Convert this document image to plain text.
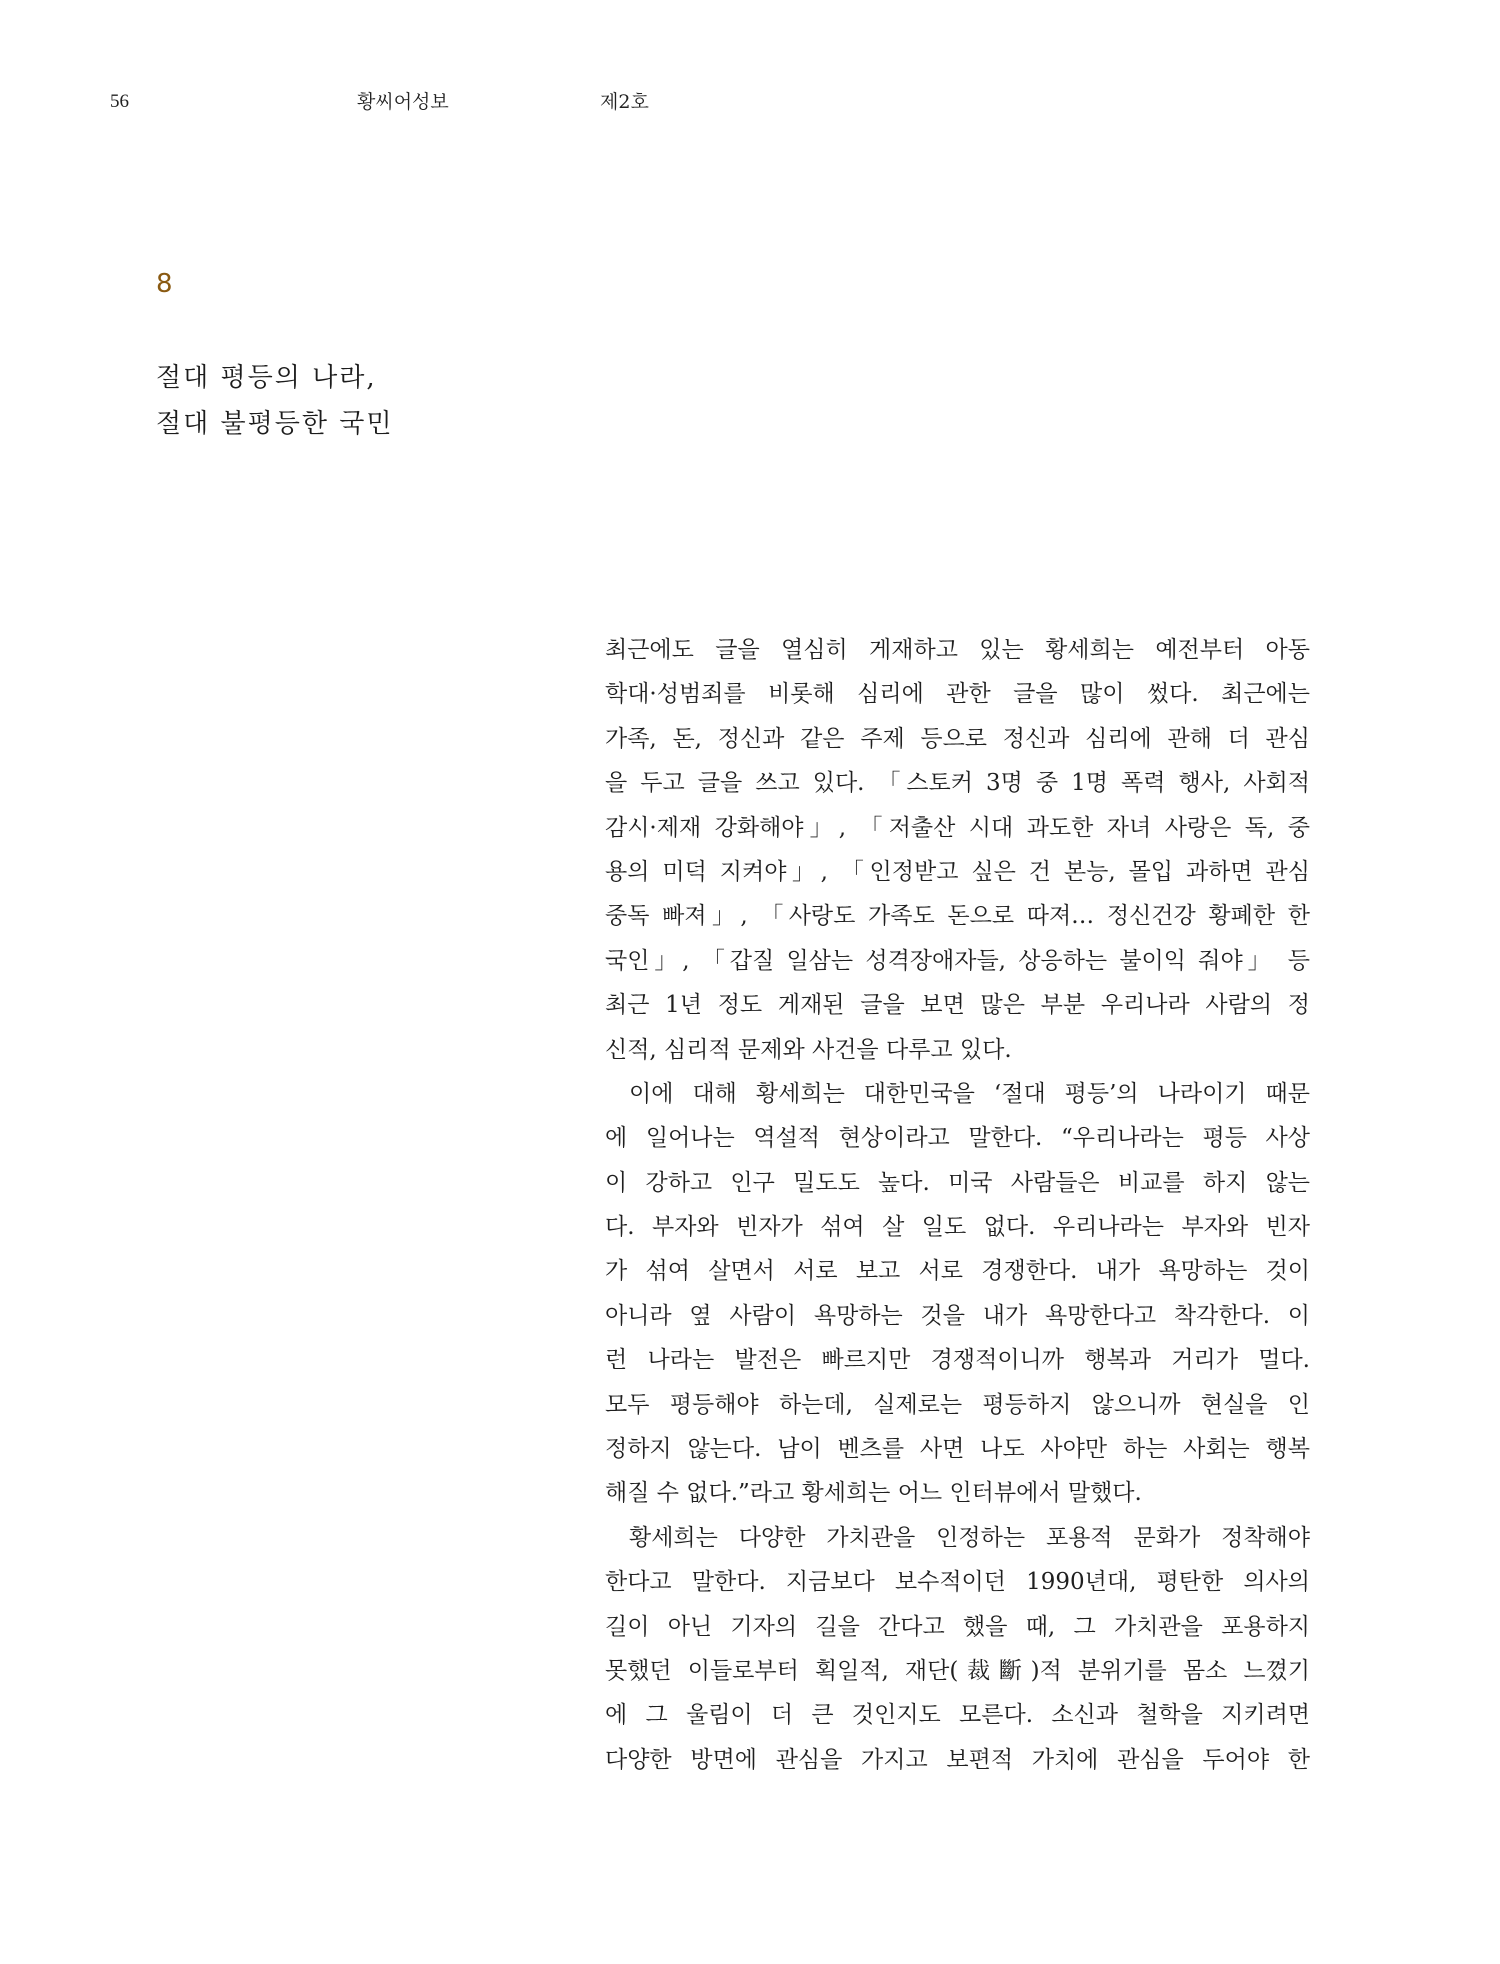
56	황씨어성보	제2호
8
절대 평등의 나라,
절대 불평등한 국민
최근에도 글을 열심히 게재하고 있는 황세희는 예전부터 아동
학대·성범죄를 비롯해 심리에 관한 글을 많이 썼다. 최근에는
가족, 돈, 정신과 같은 주제 등으로 정신과 심리에 관해 더 관심
을 두고 글을 쓰고 있다. 「스토커 3명 중 1명 폭력 행사, 사회적
감시·제재 강화해야」, 「저출산 시대 과도한 자녀 사랑은 독, 중
용의 미덕 지켜야」, 「인정받고 싶은 건 본능, 몰입 과하면 관심
중독 빠져」, 「사랑도 가족도 돈으로 따져… 정신건강 황폐한 한
국인」, 「갑질 일삼는 성격장애자들, 상응하는 불이익 줘야」 등
최근 1년 정도 게재된 글을 보면 많은 부분 우리나라 사람의 정
신적, 심리적 문제와 사건을 다루고 있다.
이에 대해 황세희는 대한민국을 ‘절대 평등’의 나라이기 때문
에 일어나는 역설적 현상이라고 말한다. “우리나라는 평등 사상
이 강하고 인구 밀도도 높다. 미국 사람들은 비교를 하지 않는
다. 부자와 빈자가 섞여 살 일도 없다. 우리나라는 부자와 빈자
가 섞여 살면서 서로 보고 서로 경쟁한다. 내가 욕망하는 것이
아니라 옆 사람이 욕망하는 것을 내가 욕망한다고 착각한다. 이
런 나라는 발전은 빠르지만 경쟁적이니까 행복과 거리가 멀다.
모두 평등해야 하는데, 실제로는 평등하지 않으니까 현실을 인
정하지 않는다. 남이 벤츠를 사면 나도 사야만 하는 사회는 행복
해질 수 없다.”라고 황세희는 어느 인터뷰에서 말했다.
황세희는 다양한 가치관을 인정하는 포용적 문화가 정착해야
한다고 말한다. 지금보다 보수적이던 1990년대, 평탄한 의사의
길이 아닌 기자의 길을 간다고 했을 때, 그 가치관을 포용하지
못했던 이들로부터 획일적, 재단(裁斷)적 분위기를 몸소 느꼈기
에 그 울림이 더 큰 것인지도 모른다. 소신과 철학을 지키려면
다양한 방면에 관심을 가지고 보편적 가치에 관심을 두어야 한
